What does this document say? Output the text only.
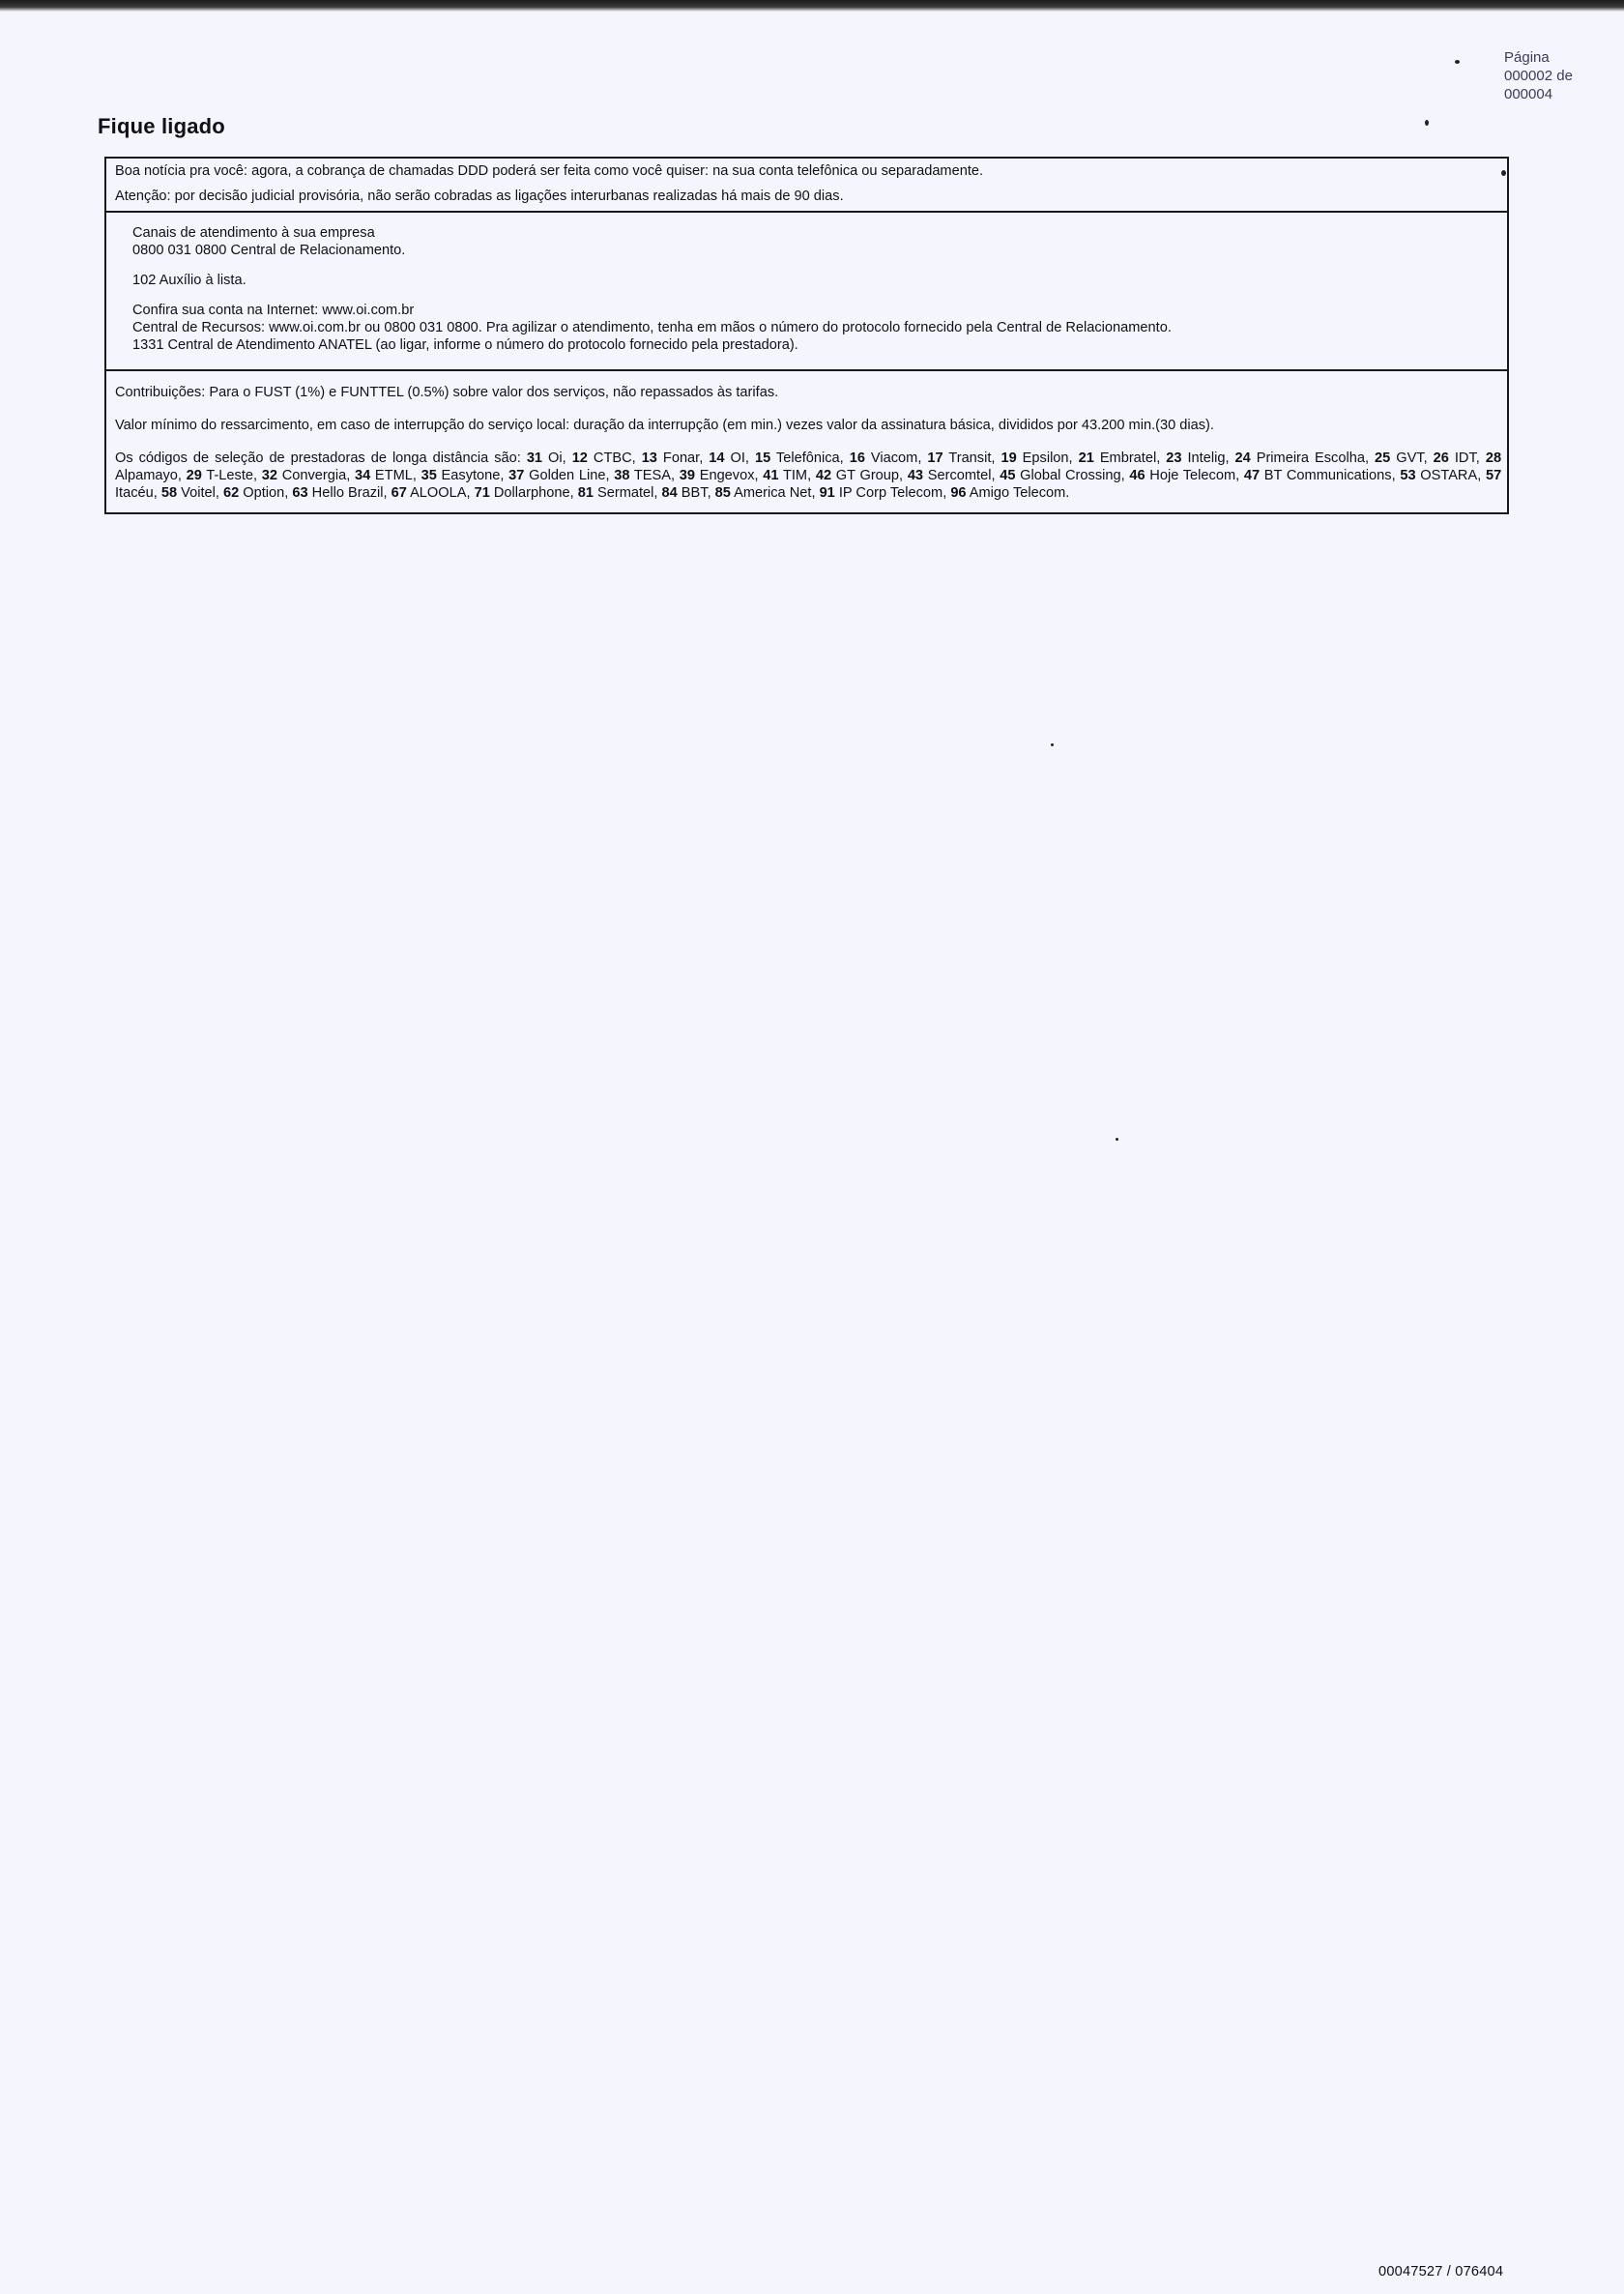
Página
000002 de
000004
Fique ligado

Boa notícia pra você: agora, a cobrança de chamadas DDD poderá ser feita como você quiser: na sua conta telefônica ou separadamente.

Atenção: por decisão judicial provisória, não serão cobradas as ligações interurbanas realizadas há mais de 90 dias.

Canais de atendimento à sua empresa
0800 031 0800 Central de Relacionamento.

102 Auxílio à lista.

Confira sua conta na Internet: www.oi.com.br
Central de Recursos: www.oi.com.br ou 0800 031 0800. Pra agilizar o atendimento, tenha em mãos o número do protocolo fornecido pela Central de Relacionamento.
1331 Central de Atendimento ANATEL (ao ligar, informe o número do protocolo fornecido pela prestadora).

Contribuições: Para o FUST (1%) e FUNTTEL (0.5%) sobre valor dos serviços, não repassados às tarifas.

Valor mínimo do ressarcimento, em caso de interrupção do serviço local: duração da interrupção (em min.) vezes valor da assinatura básica, divididos por 43.200 min.(30 dias).

Os códigos de seleção de prestadoras de longa distância são: 31 Oi, 12 CTBC, 13 Fonar, 14 OI, 15 Telefônica, 16 Viacom, 17 Transit, 19 Epsilon, 21 Embratel, 23 Intelig, 24 Primeira Escolha, 25 GVT, 26 IDT, 28 Alpamayo, 29 T-Leste, 32 Convergia, 34 ETML, 35 Easytone, 37 Golden Line, 38 TESA, 39 Engevox, 41 TIM, 42 GT Group, 43 Sercomtel, 45 Global Crossing, 46 Hoje Telecom, 47 BT Communications, 53 OSTARA, 57 Itacéu, 58 Voitel, 62 Option, 63 Hello Brazil, 67 ALOOLA, 71 Dollarphone, 81 Sermatel, 84 BBT, 85 America Net, 91 IP Corp Telecom, 96 Amigo Telecom.

00047527 / 076404
